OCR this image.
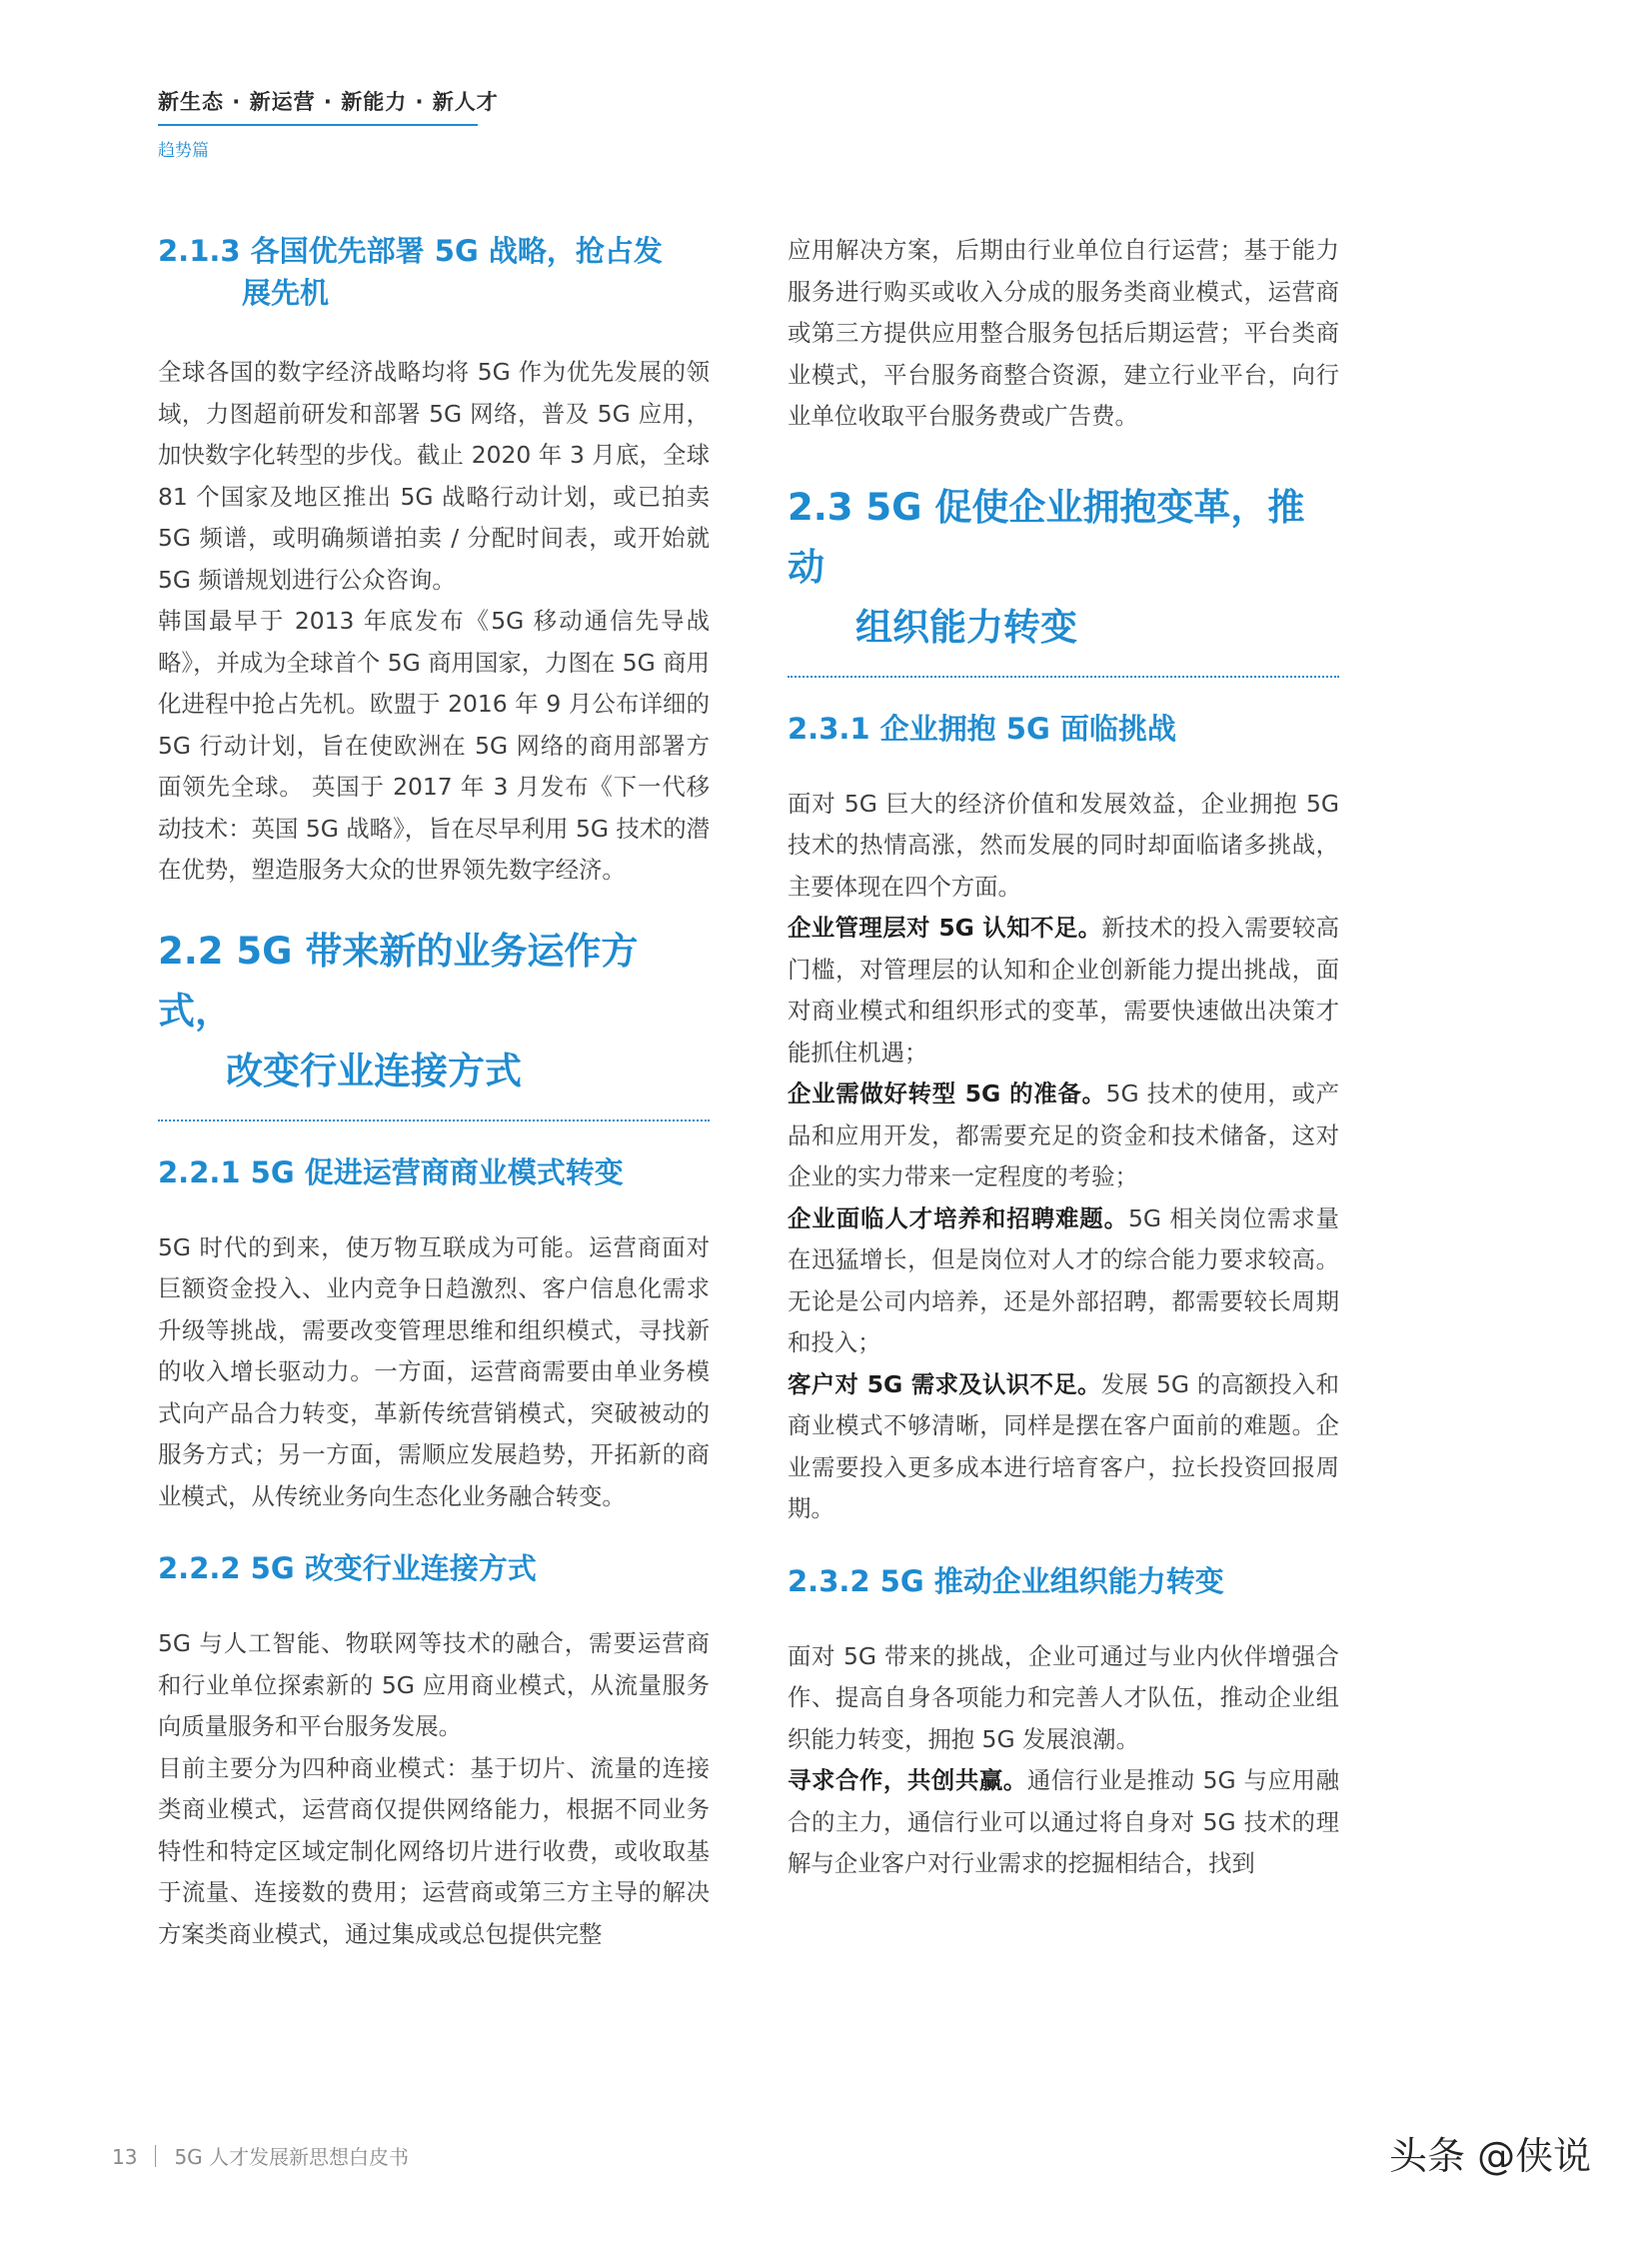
新生态 · 新运营 · 新能力 · 新人才
趋势篇
2.1.3 各国优先部署 5G 战略，抢占发
展先机

全球各国的数字经济战略均将 5G 作为优先发展的领域，力图超前研发和部署 5G 网络，普及 5G 应用，加快数字化转型的步伐。截止 2020 年 3 月底，全球 81 个国家及地区推出 5G 战略行动计划，或已拍卖 5G 频谱，或明确频谱拍卖 / 分配时间表，或开始就 5G 频谱规划进行公众咨询。

韩国最早于 2013 年底发布《5G 移动通信先导战略》，并成为全球首个 5G 商用国家，力图在 5G 商用化进程中抢占先机。欧盟于 2016 年 9 月公布详细的 5G 行动计划，旨在使欧洲在 5G 网络的商用部署方面领先全球。 英国于 2017 年 3 月发布《下一代移动技术：英国 5G 战略》，旨在尽早利用 5G 技术的潜在优势，塑造服务大众的世界领先数字经济。

2.2 5G 带来新的业务运作方式，
改变行业连接方式
2.2.1 5G 促进运营商商业模式转变

5G 时代的到来，使万物互联成为可能。运营商面对巨额资金投入、业内竞争日趋激烈、客户信息化需求升级等挑战，需要改变管理思维和组织模式，寻找新的收入增长驱动力。一方面，运营商需要由单业务模式向产品合力转变，革新传统营销模式，突破被动的服务方式；另一方面，需顺应发展趋势，开拓新的商业模式，从传统业务向生态化业务融合转变。

2.2.2 5G 改变行业连接方式

5G 与人工智能、物联网等技术的融合，需要运营商和行业单位探索新的 5G 应用商业模式，从流量服务向质量服务和平台服务发展。

目前主要分为四种商业模式：基于切片、流量的连接类商业模式，运营商仅提供网络能力，根据不同业务特性和特定区域定制化网络切片进行收费，或收取基于流量、连接数的费用；运营商或第三方主导的解决方案类商业模式，通过集成或总包提供完整

应用解决方案，后期由行业单位自行运营；基于能力服务进行购买或收入分成的服务类商业模式，运营商或第三方提供应用整合服务包括后期运营；平台类商业模式，平台服务商整合资源，建立行业平台，向行业单位收取平台服务费或广告费。

2.3 5G 促使企业拥抱变革，推动
组织能力转变
2.3.1 企业拥抱 5G 面临挑战

面对 5G 巨大的经济价值和发展效益，企业拥抱 5G 技术的热情高涨，然而发展的同时却面临诸多挑战，主要体现在四个方面。

企业管理层对 5G 认知不足。新技术的投入需要较高门槛，对管理层的认知和企业创新能力提出挑战，面对商业模式和组织形式的变革，需要快速做出决策才能抓住机遇；

企业需做好转型 5G 的准备。5G 技术的使用，或产品和应用开发，都需要充足的资金和技术储备，这对企业的实力带来一定程度的考验；

企业面临人才培养和招聘难题。5G 相关岗位需求量在迅猛增长，但是岗位对人才的综合能力要求较高。无论是公司内培养，还是外部招聘，都需要较长周期和投入；

客户对 5G 需求及认识不足。发展 5G 的高额投入和商业模式不够清晰，同样是摆在客户面前的难题。企业需要投入更多成本进行培育客户，拉长投资回报周期。

2.3.2 5G 推动企业组织能力转变

面对 5G 带来的挑战，企业可通过与业内伙伴增强合作、提高自身各项能力和完善人才队伍，推动企业组织能力转变，拥抱 5G 发展浪潮。

寻求合作，共创共赢。通信行业是推动 5G 与应用融合的主力，通信行业可以通过将自身对 5G 技术的理解与企业客户对行业需求的挖掘相结合，找到

13 5G 人才发展新思想白皮书	头条 @侠说
